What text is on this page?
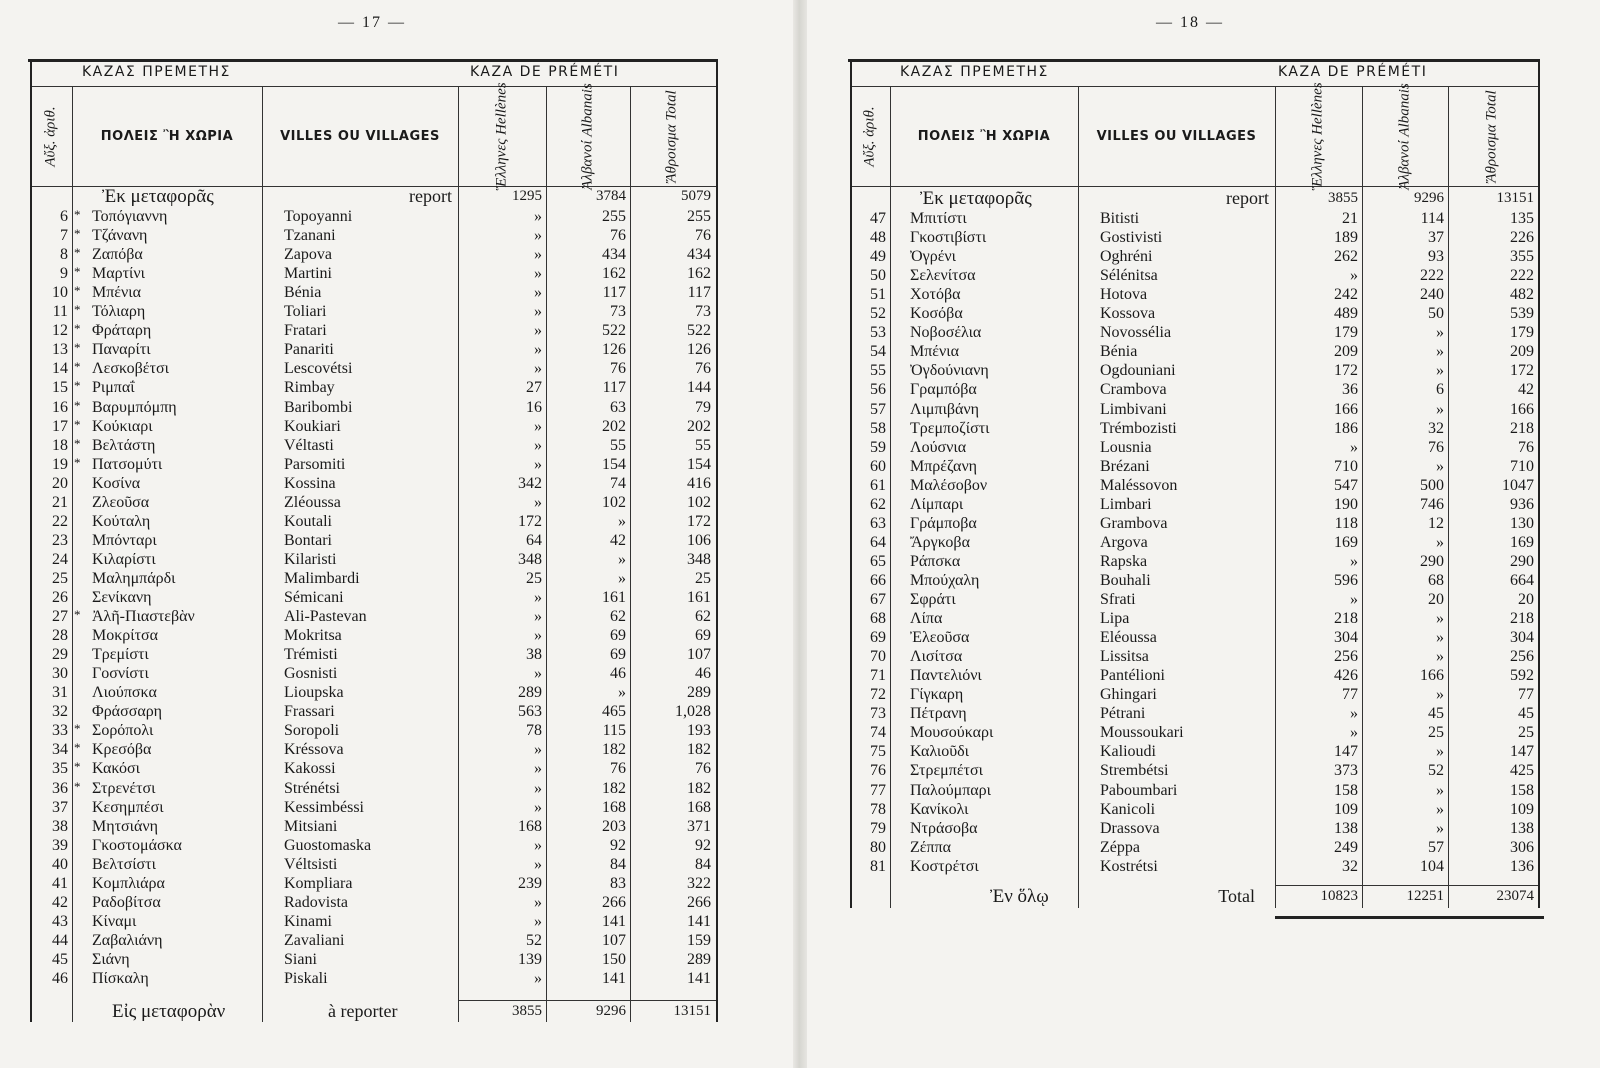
— 17 —
ΚΑΖΑΣ ΠΡΕΜΕΤΗΣ	KAZA DE PRÉMÉTI
Αὔξ. ἀριθ.	ΠΟΛΕΙΣ Ἢ ΧΩΡΙΑ	VILLES OU VILLAGES	Ἕλληνες Hellènes	Ἀλβανοί Albanais	Ἄθροισμα Total
Ἐκ μεταφορᾶς	report	1295	3784	5079
6 * Τοπόγιαννη	Topoyanni	»	255	255
7 * Τζάνανη	Tzanani	»	76	76
8 * Ζαπόβα	Zapova	»	434	434
9 * Μαρτίνι	Martini	»	162	162
10 * Μπένια	Bénia	»	117	117
11 * Τόλιαρη	Toliari	»	73	73
12 * Φράταρη	Fratari	»	522	522
13 * Παναρίτι	Panariti	»	126	126
14 * Λεσκοβέτσι	Lescovétsi	»	76	76
15 * Ριμπαΐ	Rimbay	27	117	144
16 * Βαρυμπόμπη	Baribombi	16	63	79
17 * Κούκιαρι	Koukiari	»	202	202
18 * Βελτάστη	Véltasti	»	55	55
19 * Πατσομύτι	Parsomiti	»	154	154
20 Κοσίνα	Kossina	342	74	416
21 Ζλεοῦσα	Zléoussa	»	102	102
22 Κούταλη	Koutali	172	»	172
23 Μπόνταρι	Bontari	64	42	106
24 Κιλαρίστι	Kilaristi	348	»	348
25 Μαλημπάρδι	Malimbardi	25	»	25
26 Σενίκανη	Sémicani	»	161	161
27 * Ἀλῆ-Πιαστεβὰν	Ali-Pastevan	»	62	62
28 Μοκρίτσα	Mokritsa	»	69	69
29 Τρεμίστι	Trémisti	38	69	107
30 Γοσνίστι	Gosnisti	»	46	46
31 Λιούπσκα	Lioupska	289	»	289
32 Φράσσαρη	Frassari	563	465	1,028
33 * Σορόπολι	Soropoli	78	115	193
34 * Κρεσόβα	Kréssova	»	182	182
35 * Κακόσι	Kakossi	»	76	76
36 * Στρενέτσι	Strénétsi	»	182	182
37 Κεσημπέσι	Kessimbéssi	»	168	168
38 Μητσιάνη	Mitsiani	168	203	371
39 Γκοστομάσκα	Guostomaska	»	92	92
40 Βελτσίστι	Véltsisti	»	84	84
41 Κομπλιάρα	Kompliara	239	83	322
42 Ραδοβίτσα	Radovista	»	266	266
43 Κίναμι	Kinami	»	141	141
44 Ζαβαλιάνη	Zavaliani	52	107	159
45 Σιάνη	Siani	139	150	289
46 Πίσκαλη	Piskali	»	141	141
Εἰς μεταφορὰν	à reporter	3855	9296	13151
— 18 —
ΚΑΖΑΣ ΠΡΕΜΕΤΗΣ	KAZA DE PRÉMÉTI
Αὔξ. ἀριθ.	ΠΟΛΕΙΣ Ἢ ΧΩΡΙΑ	VILLES OU VILLAGES	Ἕλληνες Hellènes	Ἀλβανοί Albanais	Ἄθροισμα Total
Ἐκ μεταφορᾶς	report	3855	9296	13151
47 Μπιτίστι	Bitisti	21	114	135
48 Γκοστιβίστι	Gostivisti	189	37	226
49 Ὀγρένι	Oghréni	262	93	355
50 Σελενίτσα	Sélénitsa	»	222	222
51 Χοτόβα	Hotova	242	240	482
52 Κοσόβα	Kossova	489	50	539
53 Νοβοσέλια	Novossélia	179	»	179
54 Μπένια	Bénia	209	»	209
55 Ὀγδούνιανη	Ogdouniani	172	»	172
56 Γραμπόβα	Crambova	36	6	42
57 Λιμπιβάνη	Limbivani	166	»	166
58 Τρεμποζίστι	Trémbozisti	186	32	218
59 Λούσνια	Lousnia	»	76	76
60 Μπρέζανη	Brézani	710	»	710
61 Μαλέσοβον	Maléssovon	547	500	1047
62 Λίμπαρι	Limbari	190	746	936
63 Γράμποβα	Grambova	118	12	130
64 Ἄργκοβα	Argova	169	»	169
65 Ράπσκα	Rapska	»	290	290
66 Μπούχαλη	Bouhali	596	68	664
67 Σφράτι	Sfrati	»	20	20
68 Λίπα	Lipa	218	»	218
69 Ἐλεοῦσα	Eléoussa	304	»	304
70 Λισίτσα	Lissitsa	256	»	256
71 Παντελιόνι	Pantélioni	426	166	592
72 Γίγκαρη	Ghingari	77	»	77
73 Πέτρανη	Pétrani	»	45	45
74 Μουσούκαρι	Moussoukari	»	25	25
75 Καλιοῦδι	Kalioudi	147	»	147
76 Στρεμπέτσι	Strembétsi	373	52	425
77 Παλούμπαρι	Paboumbari	158	»	158
78 Κανίκολι	Kanicoli	109	»	109
79 Ντράσοβα	Drassova	138	»	138
80 Ζέππα	Zéppa	249	57	306
81 Κοστρέτσι	Kostrétsi	32	104	136
Ἐν ὅλῳ	Total	10823	12251	23074
